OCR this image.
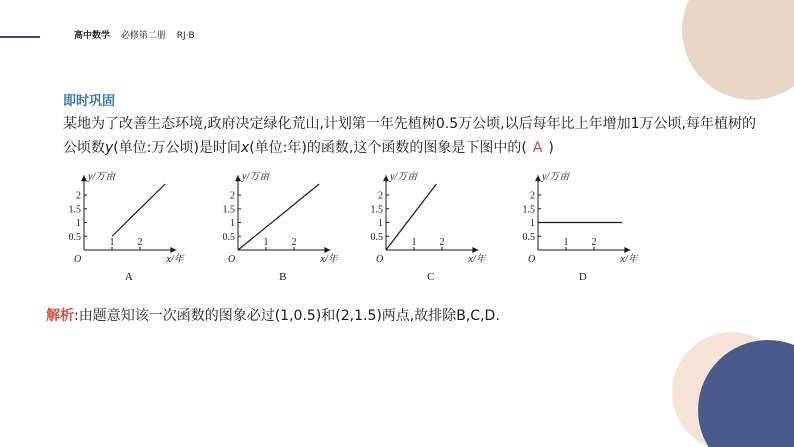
高中数学 必修第二册 RJ·B
即时巩固
某地为了改善生态环境,政府决定绿化荒山,计划第一年先植树0.5万公顷,以后每年比上年增加1万公顷,每年植树的公顷数y(单位:万公顷)是时间x(单位:年)的函数,这个函数的图象是下图中的( A )
0.5
1
1.5
2
1 2
O
y/万亩
x/年
A
0.5
1
1.5
2
1 2
O
y/万亩
x/年
B
0.5
1
1.5
2
1 2
O
y/万亩
x/年
C
0.5
1
1.5
2
1 2
O
y/万亩
x/年
D
解析:由题意知该一次函数的图象必过(1,0.5)和(2,1.5)两点,故排除B,C,D.
